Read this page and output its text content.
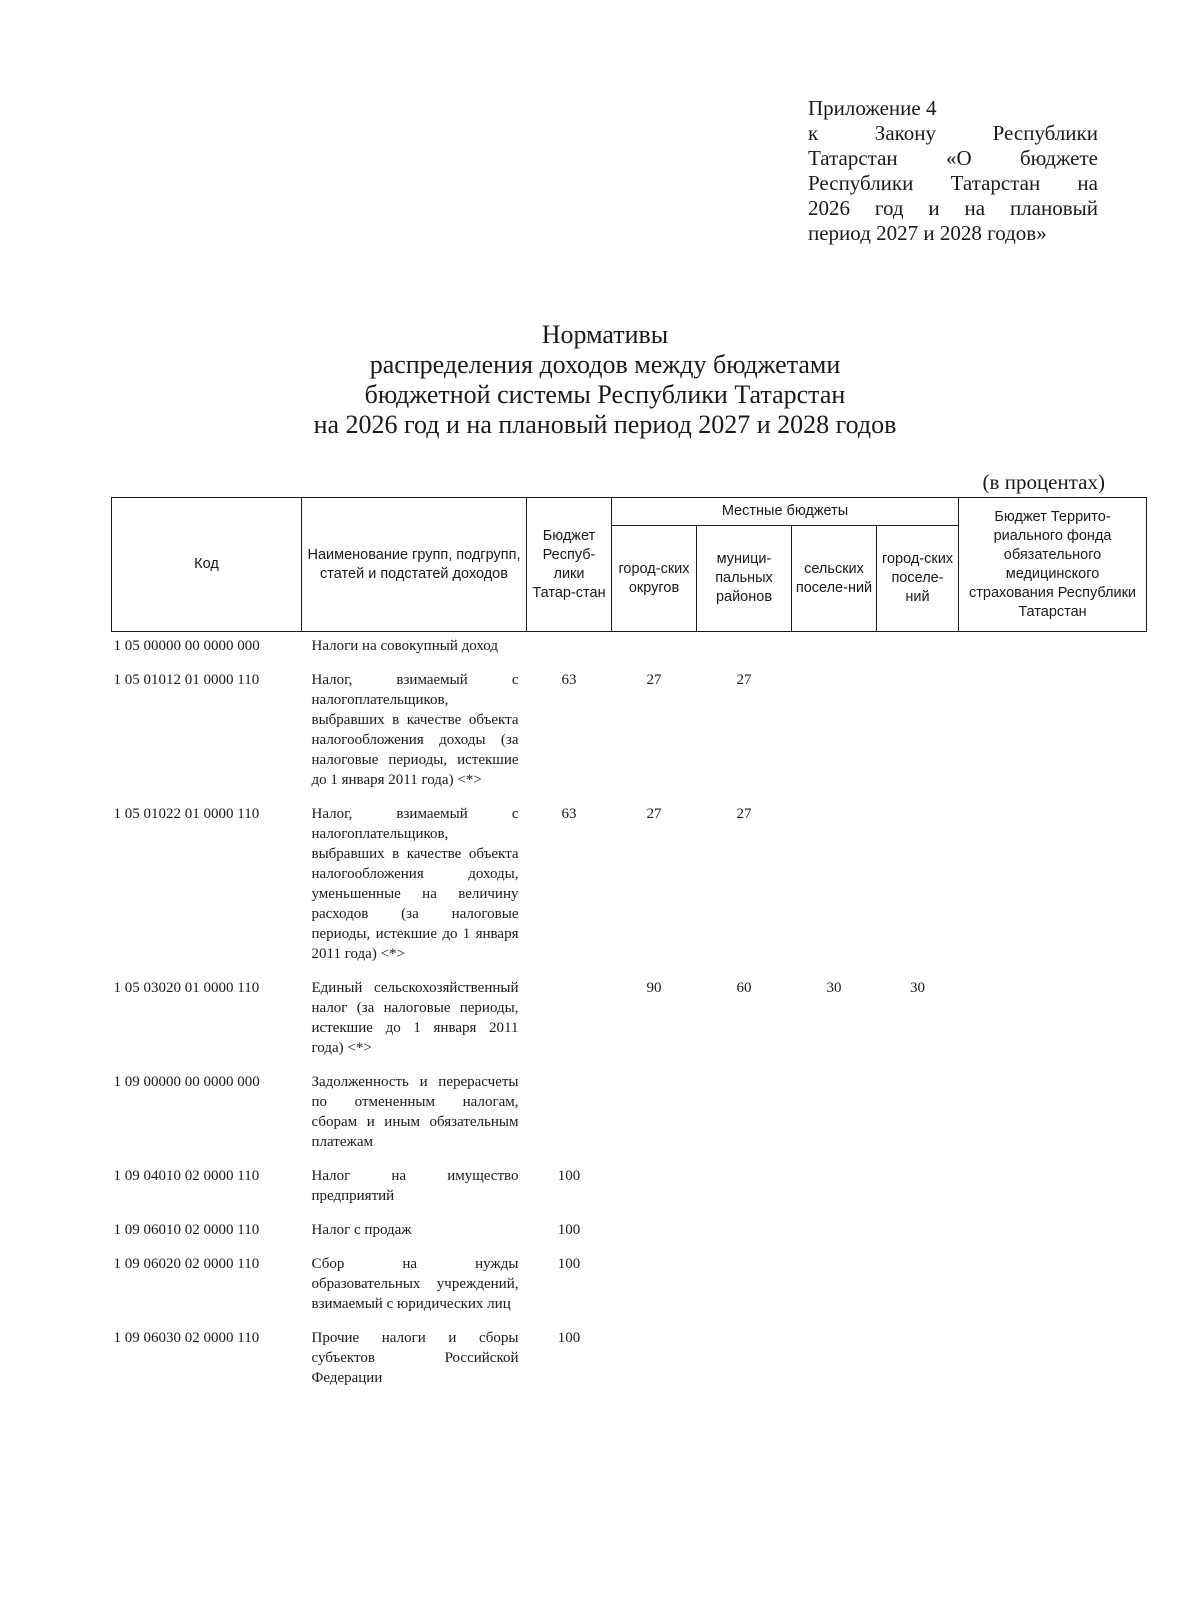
Приложение 4
к Закону Республики
Татарстан «О бюджете
Республики Татарстан на
2026 год и на плановый
период 2027 и 2028 годов»
Нормативы
распределения доходов между бюджетами
бюджетной системы Республики Татарстан
на 2026 год и на плановый период 2027 и 2028 годов
(в процентах)
Код	Наименование групп, подгрупп, статей и подстатей доходов	Бюджет Респуб-лики Татар-стан	Местные бюджеты				Бюджет Террито-риального фонда обязательного медицинского страхования Республики Татарстан
			город-ских округов	муници-пальных районов	сельских поселе-ний	город-ских поселе-ний	
1 05 00000 00 0000 000	Налоги на совокупный доход						
1 05 01012 01 0000 110	Налог, взимаемый с налогоплательщиков, выбравших в качестве объекта налогообложения доходы (за налоговые периоды, истекшие до 1 января 2011 года) <*>	63	27	27			
1 05 01022 01 0000 110	Налог, взимаемый с налогоплательщиков, выбравших в качестве объекта налогообложения доходы, уменьшенные на величину расходов (за налоговые периоды, истекшие до 1 января 2011 года) <*>	63	27	27			
1 05 03020 01 0000 110	Единый сельскохозяйственный налог (за налоговые периоды, истекшие до 1 января 2011 года) <*>		90	60	30	30	
1 09 00000 00 0000 000	Задолженность и перерасчеты по отмененным налогам, сборам и иным обязательным платежам						
1 09 04010 02 0000 110	Налог на имущество предприятий	100					
1 09 06010 02 0000 110	Налог с продаж	100					
1 09 06020 02 0000 110	Сбор на нужды образовательных учреждений, взимаемый с юридических лиц	100					
1 09 06030 02 0000 110	Прочие налоги и сборы субъектов Российской Федерации	100					
